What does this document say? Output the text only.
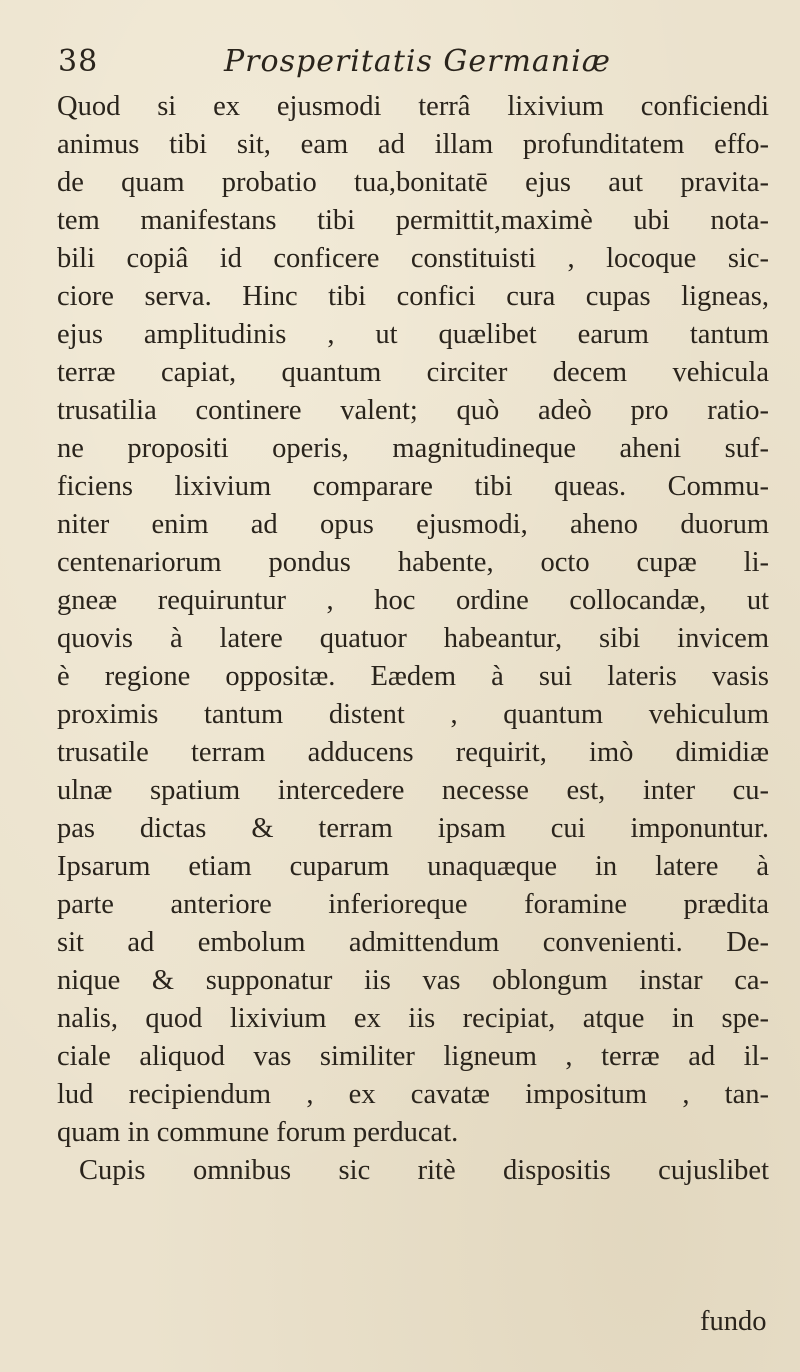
38	Prosperitatis Germaniæ
Quod si ex ejusmodi terrâ lixivium conficiendi
animus tibi sit, eam ad illam profunditatem effo-
de quam probatio tua,bonitatē ejus aut pravita-
tem manifestans tibi permittit,maximè ubi nota-
bili copiâ id conficere constituisti , locoque sic-
ciore serva. Hinc tibi confici cura cupas ligneas,
ejus amplitudinis , ut quælibet earum tantum
terræ capiat, quantum circiter decem vehicula
trusatilia continere valent; quò adeò pro ratio-
ne propositi operis, magnitudineque aheni suf-
ficiens lixivium comparare tibi queas. Commu-
niter enim ad opus ejusmodi, aheno duorum
centenariorum pondus habente, octo cupæ li-
gneæ requiruntur , hoc ordine collocandæ, ut
quovis à latere quatuor habeantur, sibi invicem
è regione oppositæ. Eædem à sui lateris vasis
proximis tantum distent , quantum vehiculum
trusatile terram adducens requirit, imò dimidiæ
ulnæ spatium intercedere necesse est, inter cu-
pas dictas & terram ipsam cui imponuntur.
Ipsarum etiam cuparum unaquæque in latere à
parte anteriore inferioreque foramine prædita
sit ad embolum admittendum convenienti. De-
nique & supponatur iis vas oblongum instar ca-
nalis, quod lixivium ex iis recipiat, atque in spe-
ciale aliquod vas similiter ligneum , terræ ad il-
lud recipiendum , ex cavatæ impositum , tan-
quam in commune forum perducat.
Cupis omnibus sic ritè dispositis cujuslibet
fundo
